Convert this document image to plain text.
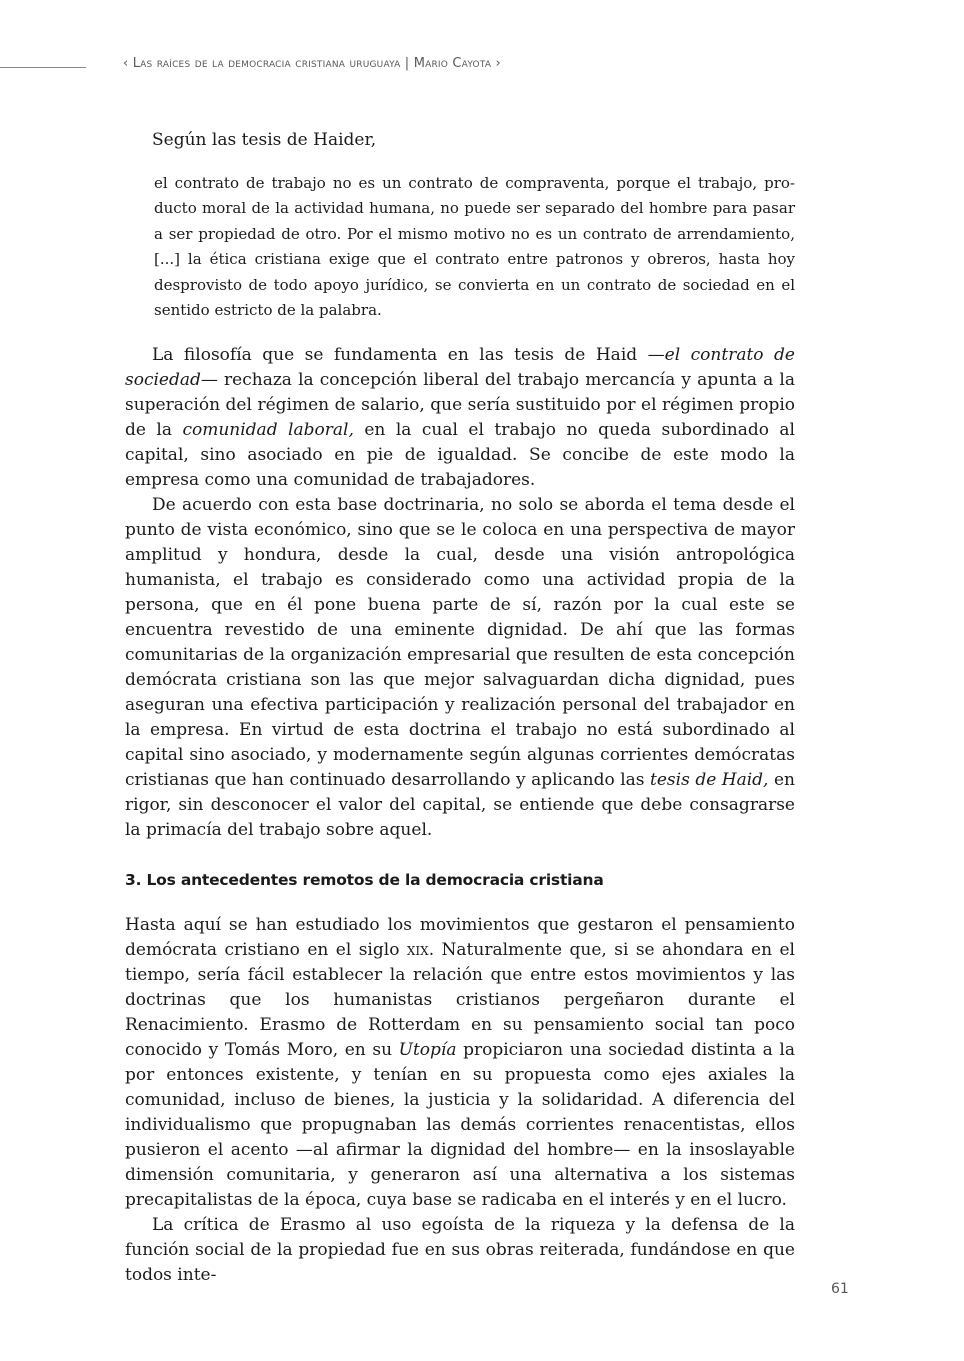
‹ Las raíces de la democracia cristiana uruguaya | Mario Cayota ›

Según las tesis de Haider,

el contrato de trabajo no es un contrato de compraventa, porque el trabajo, producto moral de la actividad humana, no puede ser separado del hombre para pasar a ser propiedad de otro. Por el mismo motivo no es un contrato de arrendamiento, [...] la ética cristiana exige que el contrato entre patronos y obreros, hasta hoy desprovisto de todo apoyo jurídico, se convierta en un contrato de sociedad en el sentido estricto de la palabra.

La filosofía que se fundamenta en las tesis de Haid —el contrato de sociedad— rechaza la concepción liberal del trabajo mercancía y apunta a la superación del régimen de salario, que sería sustituido por el régimen propio de la comunidad laboral, en la cual el trabajo no queda subordinado al capital, sino asociado en pie de igualdad. Se concibe de este modo la empresa como una comunidad de trabajadores.

De acuerdo con esta base doctrinaria, no solo se aborda el tema desde el punto de vista económico, sino que se le coloca en una perspectiva de mayor amplitud y hondura, desde la cual, desde una visión antropológica humanista, el trabajo es considerado como una actividad propia de la persona, que en él pone buena parte de sí, razón por la cual este se encuentra revestido de una eminente dignidad. De ahí que las formas comunitarias de la organización empresarial que resulten de esta concepción demócrata cristiana son las que mejor salvaguardan dicha dignidad, pues aseguran una efectiva participación y realización personal del trabajador en la empresa. En virtud de esta doctrina el trabajo no está subordinado al capital sino asociado, y modernamente según algunas corrientes demócratas cristianas que han continuado desarrollando y aplicando las tesis de Haid, en rigor, sin desconocer el valor del capital, se entiende que debe consagrarse la primacía del trabajo sobre aquel.

3. Los antecedentes remotos de la democracia cristiana

Hasta aquí se han estudiado los movimientos que gestaron el pensamiento demócrata cristiano en el siglo xix. Naturalmente que, si se ahondara en el tiempo, sería fácil establecer la relación que entre estos movimientos y las doctrinas que los humanistas cristianos pergeñaron durante el Renacimiento. Erasmo de Rotterdam en su pensamiento social tan poco conocido y Tomás Moro, en su Utopía propiciaron una sociedad distinta a la por entonces existente, y tenían en su propuesta como ejes axiales la comunidad, incluso de bienes, la justicia y la solidaridad. A diferencia del individualismo que propugnaban las demás corrientes renacentistas, ellos pusieron el acento —al afirmar la dignidad del hombre— en la insoslayable dimensión comunitaria, y generaron así una alternativa a los sistemas precapitalistas de la época, cuya base se radicaba en el interés y en el lucro.

La crítica de Erasmo al uso egoísta de la riqueza y la defensa de la función social de la propiedad fue en sus obras reiterada, fundándose en que todos inte-

61
